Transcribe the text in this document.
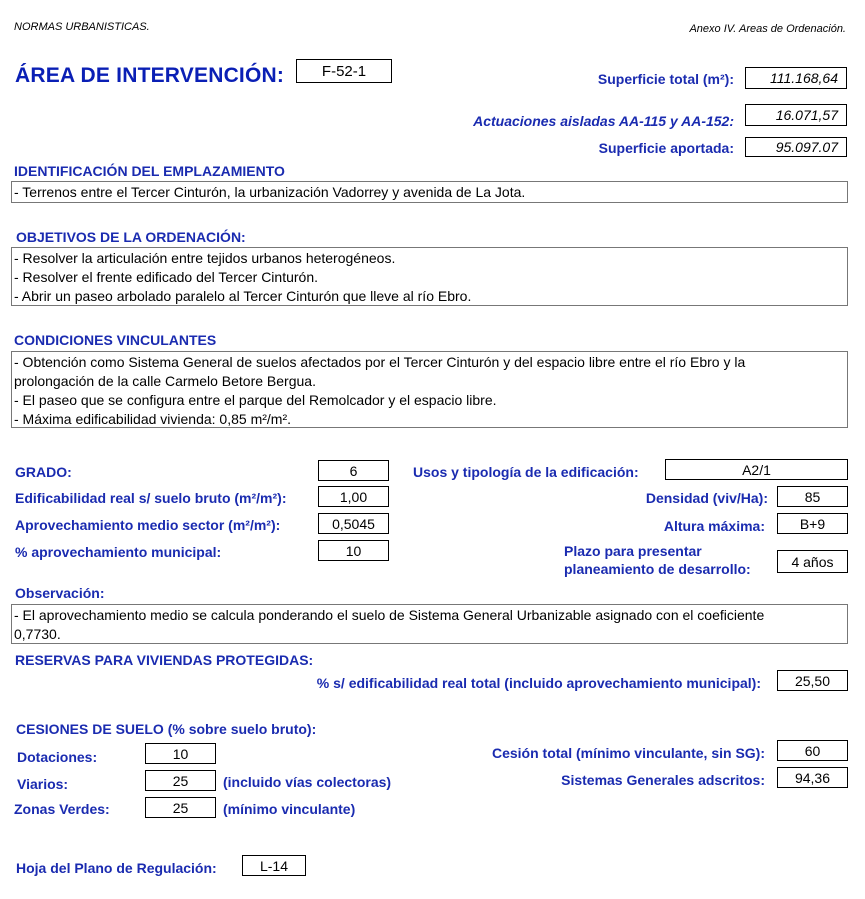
NORMAS URBANISTICAS.	Anexo IV. Areas de Ordenación.
ÁREA DE INTERVENCIÓN:	F-52-1	Superficie total (m²):	111.168,64
Actuaciones aisladas AA-115 y AA-152:	16.071,57
Superficie aportada:	95.097.07
IDENTIFICACIÓN DEL EMPLAZAMIENTO
- Terrenos entre el Tercer Cinturón, la urbanización Vadorrey y avenida de La Jota.
OBJETIVOS DE LA ORDENACIÓN:
- Resolver la articulación entre tejidos urbanos heterogéneos.
- Resolver el frente edificado del Tercer Cinturón.
- Abrir un paseo arbolado paralelo al Tercer Cinturón que lleve al río Ebro.
CONDICIONES VINCULANTES
- Obtención como Sistema General de suelos afectados por el Tercer Cinturón y del espacio libre entre el río Ebro y la
prolongación de la calle Carmelo Betore Bergua.
- El paseo que se configura entre el parque del Remolcador y el espacio libre.
- Máxima edificabilidad vivienda: 0,85 m²/m².
GRADO:	6
Edificabilidad real s/ suelo bruto (m²/m²):	1,00
Aprovechamiento medio sector (m²/m²):	0,5045
% aprovechamiento municipal:	10
Usos y tipología de la edificación:	A2/1
Densidad (viv/Ha):	85
Altura máxima:	B+9
Plazo para presentar
planeamiento de desarrollo:	4 años
Observación:
- El aprovechamiento medio se calcula ponderando el suelo de Sistema General Urbanizable asignado con el coeficiente
0,7730.
RESERVAS PARA VIVIENDAS PROTEGIDAS:
% s/ edificabilidad real total (incluido aprovechamiento municipal):	25,50
CESIONES DE SUELO (% sobre suelo bruto):
Dotaciones:	10
Viarios:	25	(incluido vías colectoras)
Zonas Verdes:	25	(mínimo vinculante)
Cesión total (mínimo vinculante, sin SG):	60
Sistemas Generales adscritos:	94,36
Hoja del Plano de Regulación:	L-14
